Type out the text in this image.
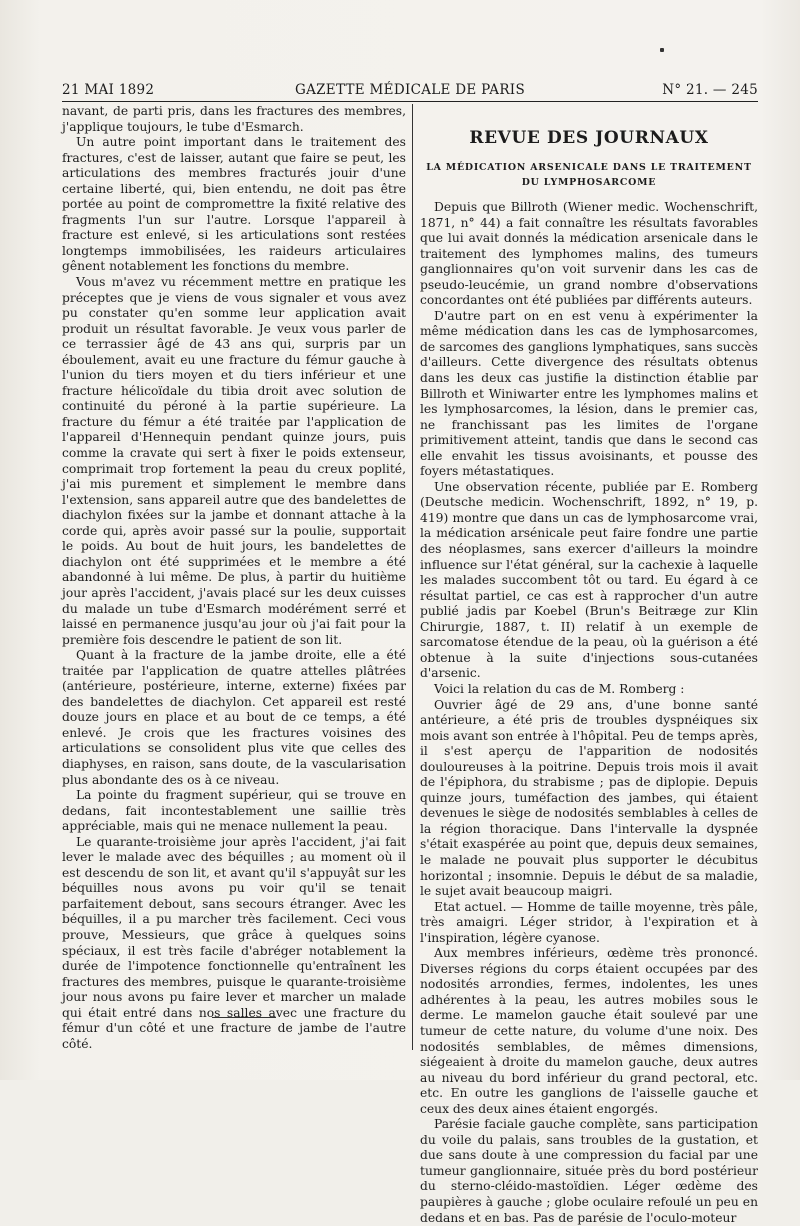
21 MAI 1892	GAZETTE MÉDICALE DE PARIS	N° 21. — 245

navant, de parti pris, dans les fractures des membres, j'applique toujours, le tube d'Esmarch.

Un autre point important dans le traitement des fractures, c'est de laisser, autant que faire se peut, les articulations des membres fracturés jouir d'une certaine liberté, qui, bien entendu, ne doit pas être portée au point de compromettre la fixité relative des fragments l'un sur l'autre. Lorsque l'appareil à fracture est enlevé, si les articulations sont restées longtemps immobilisées, les raideurs articulaires gênent notablement les fonctions du membre.

Vous m'avez vu récemment mettre en pratique les préceptes que je viens de vous signaler et vous avez pu constater qu'en somme leur application avait produit un résultat favorable. Je veux vous parler de ce terrassier âgé de 43 ans qui, surpris par un éboulement, avait eu une fracture du fémur gauche à l'union du tiers moyen et du tiers inférieur et une fracture hélicoïdale du tibia droit avec solution de continuité du péroné à la partie supérieure. La fracture du fémur a été traitée par l'application de l'appareil d'Hennequin pendant quinze jours, puis comme la cravate qui sert à fixer le poids extenseur, comprimait trop fortement la peau du creux poplité, j'ai mis purement et simplement le membre dans l'extension, sans appareil autre que des bandelettes de diachylon fixées sur la jambe et donnant attache à la corde qui, après avoir passé sur la poulie, supportait le poids. Au bout de huit jours, les bandelettes de diachylon ont été supprimées et le membre a été abandonné à lui même. De plus, à partir du huitième jour après l'accident, j'avais placé sur les deux cuisses du malade un tube d'Esmarch modérément serré et laissé en permanence jusqu'au jour où j'ai fait pour la première fois descendre le patient de son lit.

Quant à la fracture de la jambe droite, elle a été traitée par l'application de quatre attelles plâtrées (antérieure, postérieure, interne, externe) fixées par des bandelettes de diachylon. Cet appareil est resté douze jours en place et au bout de ce temps, a été enlevé. Je crois que les fractures voisines des articulations se consolident plus vite que celles des diaphyses, en raison, sans doute, de la vascularisation plus abondante des os à ce niveau.

La pointe du fragment supérieur, qui se trouve en dedans, fait incontestablement une saillie très appréciable, mais qui ne menace nullement la peau.

Le quarante-troisième jour après l'accident, j'ai fait lever le malade avec des béquilles ; au moment où il est descendu de son lit, et avant qu'il s'appuyât sur les béquilles nous avons pu voir qu'il se tenait parfaitement debout, sans secours étranger. Avec les béquilles, il a pu marcher très facilement. Ceci vous prouve, Messieurs, que grâce à quelques soins spéciaux, il est très facile d'abréger notablement la durée de l'impotence fonctionnelle qu'entraînent les fractures des membres, puisque le quarante-troisième jour nous avons pu faire lever et marcher un malade qui était entré dans nos salles avec une fracture du fémur d'un côté et une fracture de jambe de l'autre côté.

REVUE DES JOURNAUX
LA MÉDICATION ARSENICALE DANS LE TRAITEMENT
DU LYMPHOSARCOME

Depuis que Billroth (Wiener medic. Wochenschrift, 1871, n° 44) a fait connaître les résultats favorables que lui avait donnés la médication arsenicale dans le traitement des lymphomes malins, des tumeurs ganglionnaires qu'on voit survenir dans les cas de pseudo-leucémie, un grand nombre d'observations concordantes ont été publiées par différents auteurs.

D'autre part on en est venu à expérimenter la même médication dans les cas de lymphosarcomes, de sarcomes des ganglions lymphatiques, sans succès d'ailleurs. Cette divergence des résultats obtenus dans les deux cas justifie la distinction établie par Billroth et Winiwarter entre les lymphomes malins et les lymphosarcomes, la lésion, dans le premier cas, ne franchissant pas les limites de l'organe primitivement atteint, tandis que dans le second cas elle envahit les tissus avoisinants, et pousse des foyers métastatiques.

Une observation récente, publiée par E. Romberg (Deutsche medicin. Wochenschrift, 1892, n° 19, p. 419) montre que dans un cas de lymphosarcome vrai, la médication arsénicale peut faire fondre une partie des néoplasmes, sans exercer d'ailleurs la moindre influence sur l'état général, sur la cachexie à laquelle les malades succombent tôt ou tard. Eu égard à ce résultat partiel, ce cas est à rapprocher d'un autre publié jadis par Koebel (Brun's Beitræge zur Klin Chirurgie, 1887, t. II) relatif à un exemple de sarcomatose étendue de la peau, où la guérison a été obtenue à la suite d'injections sous-cutanées d'arsenic.

Voici la relation du cas de M. Romberg :

Ouvrier âgé de 29 ans, d'une bonne santé antérieure, a été pris de troubles dyspnéiques six mois avant son entrée à l'hôpital. Peu de temps après, il s'est aperçu de l'apparition de nodosités douloureuses à la poitrine. Depuis trois mois il avait de l'épiphora, du strabisme ; pas de diplopie. Depuis quinze jours, tuméfaction des jambes, qui étaient devenues le siège de nodosités semblables à celles de la région thoracique. Dans l'intervalle la dyspnée s'était exaspérée au point que, depuis deux semaines, le malade ne pouvait plus supporter le décubitus horizontal ; insomnie. Depuis le début de sa maladie, le sujet avait beaucoup maigri.

Etat actuel. — Homme de taille moyenne, très pâle, très amaigri. Léger stridor, à l'expiration et à l'inspiration, légère cyanose.

Aux membres inférieurs, œdème très prononcé. Diverses régions du corps étaient occupées par des nodosités arrondies, fermes, indolentes, les unes adhérentes à la peau, les autres mobiles sous le derme. Le mamelon gauche était soulevé par une tumeur de cette nature, du volume d'une noix. Des nodosités semblables, de mêmes dimensions, siégeaient à droite du mamelon gauche, deux autres au niveau du bord inférieur du grand pectoral, etc. etc. En outre les ganglions de l'aisselle gauche et ceux des deux aines étaient engorgés.

Parésie faciale gauche complète, sans participation du voile du palais, sans troubles de la gustation, et due sans doute à une compression du facial par une tumeur ganglionnaire, située près du bord postérieur du sterno-cléido-mastoïdien. Léger œdème des paupières à gauche ; globe oculaire refoulé un peu en dedans et en bas. Pas de parésie de l'oculo-moteur
